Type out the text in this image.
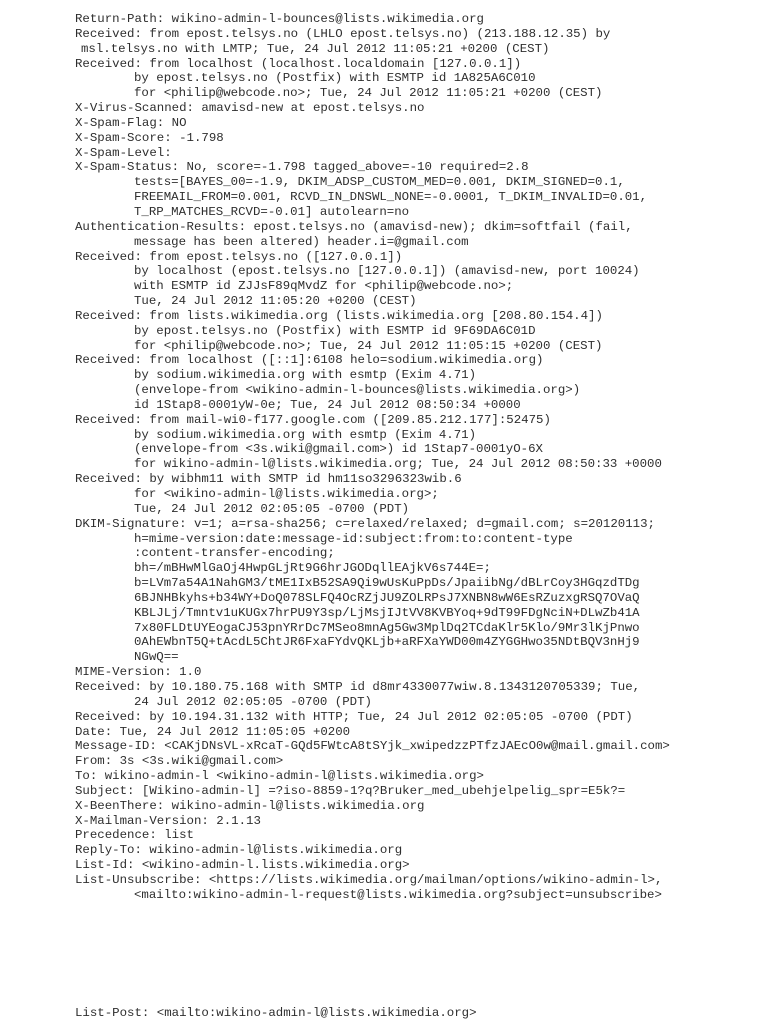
Return-Path: wikino-admin-l-bounces@lists.wikimedia.org
Received: from epost.telsys.no (LHLO epost.telsys.no) (213.188.12.35) by
msl.telsys.no with LMTP; Tue, 24 Jul 2012 11:05:21 +0200 (CEST)
Received: from localhost (localhost.localdomain [127.0.0.1])
by epost.telsys.no (Postfix) with ESMTP id 1A825A6C010
for <philip@webcode.no>; Tue, 24 Jul 2012 11:05:21 +0200 (CEST)
X-Virus-Scanned: amavisd-new at epost.telsys.no
X-Spam-Flag: NO
X-Spam-Score: -1.798
X-Spam-Level:
X-Spam-Status: No, score=-1.798 tagged_above=-10 required=2.8
tests=[BAYES_00=-1.9, DKIM_ADSP_CUSTOM_MED=0.001, DKIM_SIGNED=0.1,
FREEMAIL_FROM=0.001, RCVD_IN_DNSWL_NONE=-0.0001, T_DKIM_INVALID=0.01,
T_RP_MATCHES_RCVD=-0.01] autolearn=no
Authentication-Results: epost.telsys.no (amavisd-new); dkim=softfail (fail,
message has been altered) header.i=@gmail.com
Received: from epost.telsys.no ([127.0.0.1])
by localhost (epost.telsys.no [127.0.0.1]) (amavisd-new, port 10024)
with ESMTP id ZJJsF89qMvdZ for <philip@webcode.no>;
Tue, 24 Jul 2012 11:05:20 +0200 (CEST)
Received: from lists.wikimedia.org (lists.wikimedia.org [208.80.154.4])
by epost.telsys.no (Postfix) with ESMTP id 9F69DA6C01D
for <philip@webcode.no>; Tue, 24 Jul 2012 11:05:15 +0200 (CEST)
Received: from localhost ([::1]:6108 helo=sodium.wikimedia.org)
by sodium.wikimedia.org with esmtp (Exim 4.71)
(envelope-from <wikino-admin-l-bounces@lists.wikimedia.org>)
id 1Stap8-0001yW-0e; Tue, 24 Jul 2012 08:50:34 +0000
Received: from mail-wi0-f177.google.com ([209.85.212.177]:52475)
by sodium.wikimedia.org with esmtp (Exim 4.71)
(envelope-from <3s.wiki@gmail.com>) id 1Stap7-0001yO-6X
for wikino-admin-l@lists.wikimedia.org; Tue, 24 Jul 2012 08:50:33 +0000
Received: by wibhm11 with SMTP id hm11so3296323wib.6
for <wikino-admin-l@lists.wikimedia.org>;
Tue, 24 Jul 2012 02:05:05 -0700 (PDT)
DKIM-Signature: v=1; a=rsa-sha256; c=relaxed/relaxed; d=gmail.com; s=20120113;
h=mime-version:date:message-id:subject:from:to:content-type
:content-transfer-encoding;
bh=/mBHwMlGaOj4HwpGLjRt9G6hrJGODqllEAjkV6s744E=;
b=LVm7a54A1NahGM3/tME1IxB52SA9Qi9wUsKuPpDs/JpaiibNg/dBLrCoy3HGqzdTDg
6BJNHBkyhs+b34WY+DoQ078SLFQ4OcRZjJU9ZOLRPsJ7XNBN8wW6EsRZuzxgRSQ7OVaQ
KBLJLj/Tmntv1uKUGx7hrPU9Y3sp/LjMsjIJtVV8KVBYoq+9dT99FDgNciN+DLwZb41A
7x80FLDtUYEogaCJ53pnYRrDc7MSeo8mnAg5Gw3MplDq2TCdaKlr5Klo/9Mr3lKjPnwo
0AhEWbnT5Q+tAcdL5ChtJR6FxaFYdvQKLjb+aRFXaYWD00m4ZYGGHwo35NDtBQV3nHj9
NGwQ==
MIME-Version: 1.0
Received: by 10.180.75.168 with SMTP id d8mr4330077wiw.8.1343120705339; Tue,
24 Jul 2012 02:05:05 -0700 (PDT)
Received: by 10.194.31.132 with HTTP; Tue, 24 Jul 2012 02:05:05 -0700 (PDT)
Date: Tue, 24 Jul 2012 11:05:05 +0200
Message-ID: <CAKjDNsVL-xRcaT-GQd5FWtcA8tSYjk_xwipedzzPTfzJAEcO0w@mail.gmail.com>
From: 3s <3s.wiki@gmail.com>
To: wikino-admin-l <wikino-admin-l@lists.wikimedia.org>
Subject: [Wikino-admin-l] =?iso-8859-1?q?Bruker_med_ubehjelpelig_spr=E5k?=
X-BeenThere: wikino-admin-l@lists.wikimedia.org
X-Mailman-Version: 2.1.13
Precedence: list
Reply-To: wikino-admin-l@lists.wikimedia.org
List-Id: <wikino-admin-l.lists.wikimedia.org>
List-Unsubscribe: <https://lists.wikimedia.org/mailman/options/wikino-admin-l>,
<mailto:wikino-admin-l-request@lists.wikimedia.org?subject=unsubscribe>
List-Post: <mailto:wikino-admin-l@lists.wikimedia.org>
